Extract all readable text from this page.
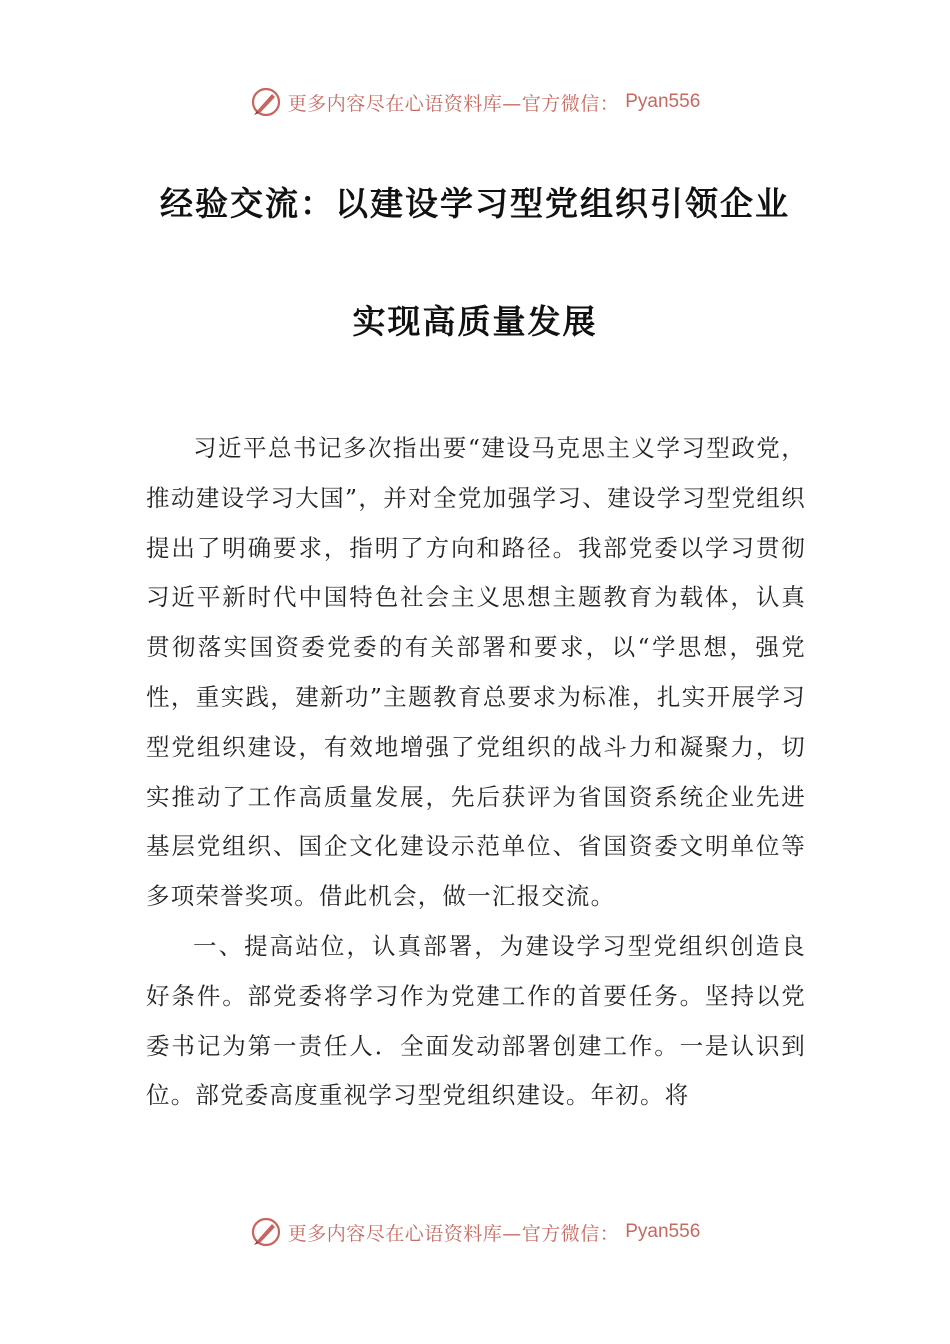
更多内容尽在心语资料库—官方微信： Pyan556
经验交流：以建设学习型党组织引领企业
实现高质量发展

习近平总书记多次指出要“建设马克思主义学习型政党，推动建设学习大国”，并对全党加强学习、建设学习型党组织提出了明确要求，指明了方向和路径。我部党委以学习贯彻习近平新时代中国特色社会主义思想主题教育为载体，认真贯彻落实国资委党委的有关部署和要求，以“学思想，强党性，重实践，建新功”主题教育总要求为标准，扎实开展学习型党组织建设，有效地增强了党组织的战斗力和凝聚力，切实推动了工作高质量发展，先后获评为省国资系统企业先进基层党组织、国企文化建设示范单位、省国资委文明单位等多项荣誉奖项。借此机会，做一汇报交流。

一、提高站位，认真部署，为建设学习型党组织创造良好条件。部党委将学习作为党建工作的首要任务。坚持以党委书记为第一责任人．全面发动部署创建工作。一是认识到位。部党委高度重视学习型党组织建设。年初。将

更多内容尽在心语资料库—官方微信： Pyan556
